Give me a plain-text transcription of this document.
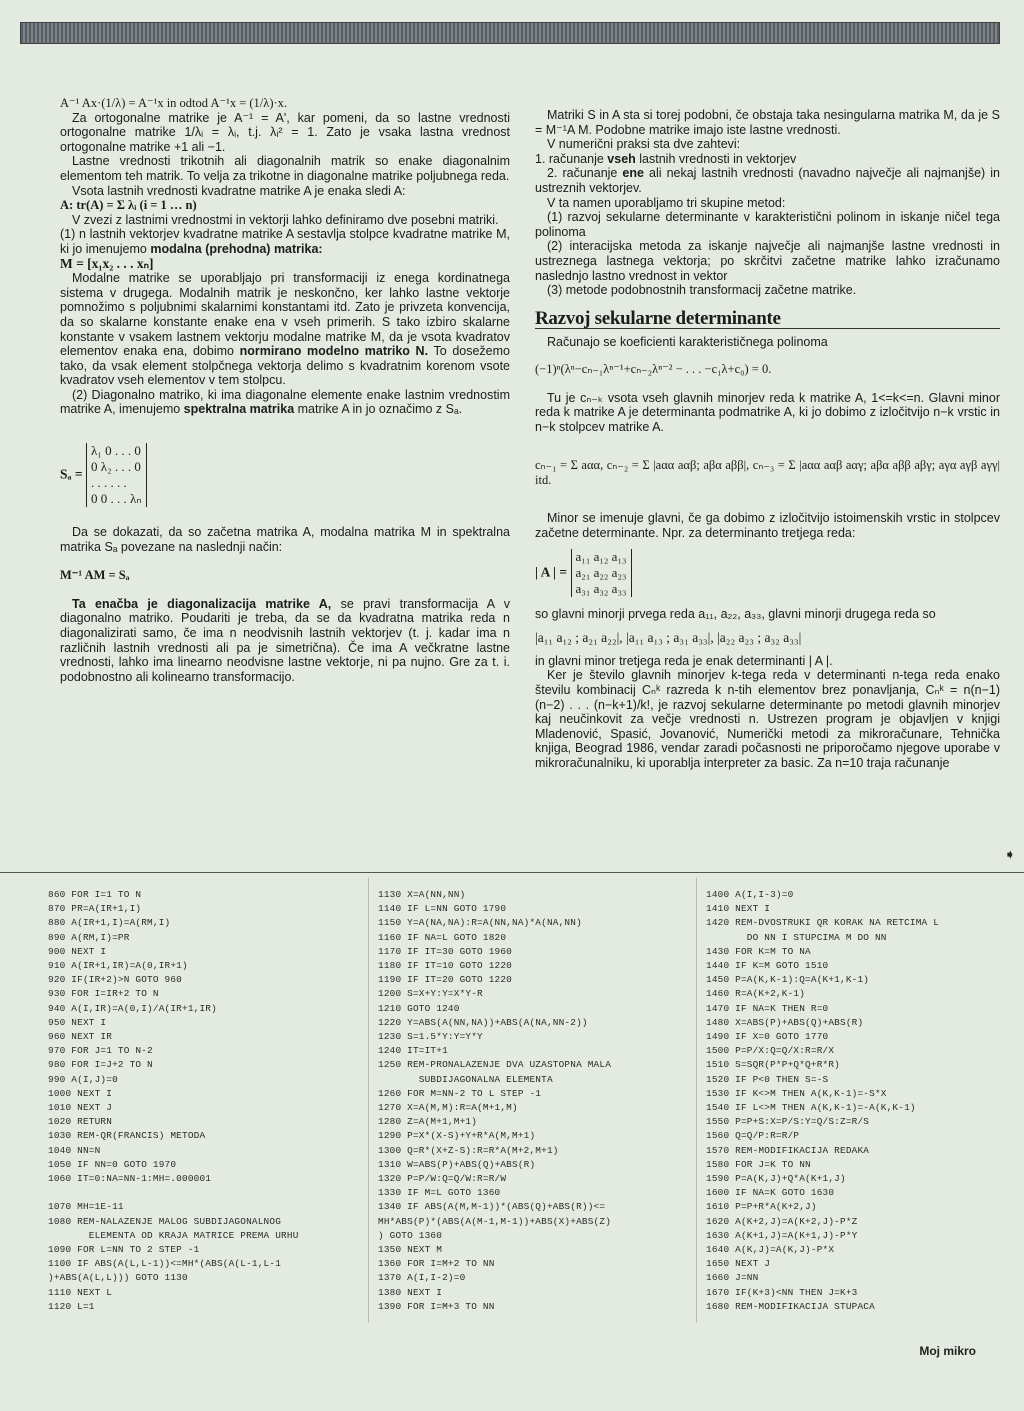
A⁻¹ Ax·(1/λ) = A⁻¹x in odtod A⁻¹x = (1/λ)·x.

Za ortogonalne matrike je A⁻¹ = A', kar pomeni, da so lastne vrednosti ortogonalne matrike 1/λᵢ = λᵢ, t.j. λᵢ² = 1. Zato je vsaka lastna vrednost ortogonalne matrike +1 ali −1.

Lastne vrednosti trikotnih ali diagonalnih matrik so enake diagonalnim elementom teh matrik. To velja za trikotne in diagonalne matrike poljubnega reda.

Vsota lastnih vrednosti kvadratne matrike A je enaka sledi A:

A: tr(A) = Σ λᵢ (i = 1 … n)

V zvezi z lastnimi vrednostmi in vektorji lahko definiramo dve posebni matriki.

(1) n lastnih vektorjev kvadratne matrike A sestavlja stolpce kvadratne matrike M, ki jo imenujemo modalna (prehodna) matrika:

M = [x₁x₂ . . . xₙ]

Modalne matrike se uporabljajo pri transformaciji iz enega kordinatnega sistema v drugega. Modalnih matrik je neskončno, ker lahko lastne vektorje pomnožimo s poljubnimi skalarnimi konstantami itd. Zato je privzeta konvencija, da so skalarne konstante enake ena v vseh primerih. S tako izbiro skalarne konstante v vsakem lastnem vektorju modalne matrike M, da je vsota kvadratov elementov enaka ena, dobimo normirano modelno matriko N. To dosežemo tako, da vsak element stolpčnega vektorja delimo s kvadratnim korenom vsote kvadratov vseh elementov v tem stolpcu.

(2) Diagonalno matriko, ki ima diagonalne elemente enake lastnim vrednostim matrike A, imenujemo spektralna matrika matrike A in jo označimo z Sₐ.

Sₐ =
λ₁ 0 . . . 0
0 λ₂ . . . 0
. . . . . .
0 0 . . . λₙ

Da se dokazati, da so začetna matrika A, modalna matrika M in spektralna matrika Sₐ povezane na naslednji način:

M⁻¹ AM = Sₐ

Ta enačba je diagonalizacija matrike A, se pravi transformacija A v diagonalno matriko. Poudariti je treba, da se da kvadratna matrika reda n diagonalizirati samo, če ima n neodvisnih lastnih vektorjev (t. j. kadar ima n različnih lastnih vrednosti ali pa je simetrična). Če ima A večkratne lastne vrednosti, lahko ima linearno neodvisne lastne vektorje, ni pa nujno. Gre za t. i. podobnostno ali kolinearno transformacijo.

Matriki S in A sta si torej podobni, če obstaja taka nesingularna matrika M, da je S = M⁻¹A M. Podobne matrike imajo iste lastne vrednosti.

V numerični praksi sta dve zahtevi:

1. računanje vseh lastnih vrednosti in vektorjev

2. računanje ene ali nekaj lastnih vrednosti (navadno največje ali najmanjše) in ustreznih vektorjev.

V ta namen uporabljamo tri skupine metod:

(1) razvoj sekularne determinante v karakteristični polinom in iskanje ničel tega polinoma

(2) interacijska metoda za iskanje največje ali najmanjše lastne vrednosti in ustreznega lastnega vektorja; po skrčitvi začetne matrike lahko izračunamo naslednjo lastno vrednost in vektor

(3) metode podobnostnih transformacij začetne matrike.

Razvoj sekularne determinante

Računajo se koeficienti karakterističnega polinoma

(−1)ⁿ(λⁿ−cₙ₋₁λⁿ⁻¹+cₙ₋₂λⁿ⁻² − . . . −c₁λ+c₀) = 0.

Tu je cₙ₋ₖ vsota vseh glavnih minorjev reda k matrike A, 1<=k<=n. Glavni minor reda k matrike A je determinanta podmatrike A, ki jo dobimo z izločitvijo n−k vrstic in n−k stolpcev matrike A.

cₙ₋₁ = Σ aαα, cₙ₋₂ = Σ |aαα aαβ; aβα aββ|, cₙ₋₃ = Σ |aαα aαβ aαγ; aβα aββ aβγ; aγα aγβ aγγ| itd.

Minor se imenuje glavni, če ga dobimo z izločitvijo istoimenskih vrstic in stolpcev začetne determinante. Npr. za determinanto tretjega reda:

| A | =
a₁₁ a₁₂ a₁₃
a₂₁ a₂₂ a₂₃
a₃₁ a₃₂ a₃₃

so glavni minorji prvega reda a₁₁, a₂₂, a₃₃, glavni minorji drugega reda so

|a₁₁ a₁₂ ; a₂₁ a₂₂|, |a₁₁ a₁₃ ; a₃₁ a₃₃|, |a₂₂ a₂₃ ; a₃₂ a₃₃|

in glavni minor tretjega reda je enak determinanti | A |.

Ker je število glavnih minorjev k-tega reda v determinanti n-tega reda enako številu kombinacij Cₙᵏ razreda k n-tih elementov brez ponavljanja, Cₙᵏ = n(n−1) (n−2) . . . (n−k+1)/k!, je razvoj sekularne determinante po metodi glavnih minorjev kaj neučinkovit za večje vrednosti n. Ustrezen program je objavljen v knjigi Mladenović, Spasić, Jovanović, Numerički metodi za mikroračunare, Tehnička knjiga, Beograd 1986, vendar zaradi počasnosti ne priporočamo njegove uporabe v mikroračunalniku, ki uporablja interpreter za basic. Za n=10 traja računanje

➧
860 FOR I=1 TO N
870 PR=A(IR+1,I)
880 A(IR+1,I)=A(RM,I)
890 A(RM,I)=PR
900 NEXT I
910 A(IR+1,IR)=A(0,IR+1)
920 IF(IR+2)>N GOTO 960
930 FOR I=IR+2 TO N
940 A(I,IR)=A(0,I)/A(IR+1,IR)
950 NEXT I
960 NEXT IR
970 FOR J=1 TO N-2
980 FOR I=J+2 TO N
990 A(I,J)=0
1000 NEXT I
1010 NEXT J
1020 RETURN
1030 REM-QR(FRANCIS) METODA
1040 NN=N
1050 IF NN=0 GOTO 1970
1060 IT=0:NA=NN-1:MH=.000001

1070 MH=1E-11
1080 REM-NALAZENJE MALOG SUBDIJAGONALNOG
ELEMENTA OD KRAJA MATRICE PREMA URHU
1090 FOR L=NN TO 2 STEP -1
1100 IF ABS(A(L,L-1))<=MH*(ABS(A(L-1,L-1
)+ABS(A(L,L))) GOTO 1130
1110 NEXT L
1120 L=1
1130 X=A(NN,NN)
1140 IF L=NN GOTO 1790
1150 Y=A(NA,NA):R=A(NN,NA)*A(NA,NN)
1160 IF NA=L GOTO 1820
1170 IF IT=30 GOTO 1960
1180 IF IT=10 GOTO 1220
1190 IF IT=20 GOTO 1220
1200 S=X+Y:Y=X*Y-R
1210 GOTO 1240
1220 Y=ABS(A(NN,NA))+ABS(A(NA,NN-2))
1230 S=1.5*Y:Y=Y*Y
1240 IT=IT+1
1250 REM-PRONALAZENJE DVA UZASTOPNA MALA
SUBDIJAGONALNA ELEMENTA
1260 FOR M=NN-2 TO L STEP -1
1270 X=A(M,M):R=A(M+1,M)
1280 Z=A(M+1,M+1)
1290 P=X*(X-S)+Y+R*A(M,M+1)
1300 Q=R*(X+Z-S):R=R*A(M+2,M+1)
1310 W=ABS(P)+ABS(Q)+ABS(R)
1320 P=P/W:Q=Q/W:R=R/W
1330 IF M=L GOTO 1360
1340 IF ABS(A(M,M-1))*(ABS(Q)+ABS(R))<=
MH*ABS(P)*(ABS(A(M-1,M-1))+ABS(X)+ABS(Z)
) GOTO 1360
1350 NEXT M
1360 FOR I=M+2 TO NN
1370 A(I,I-2)=0
1380 NEXT I
1390 FOR I=M+3 TO NN
1400 A(I,I-3)=0
1410 NEXT I
1420 REM-DVOSTRUKI QR KORAK NA RETCIMA L
DO NN I STUPCIMA M DO NN
1430 FOR K=M TO NA
1440 IF K=M GOTO 1510
1450 P=A(K,K-1):Q=A(K+1,K-1)
1460 R=A(K+2,K-1)
1470 IF NA=K THEN R=0
1480 X=ABS(P)+ABS(Q)+ABS(R)
1490 IF X=0 GOTO 1770
1500 P=P/X:Q=Q/X:R=R/X
1510 S=SQR(P*P+Q*Q+R*R)
1520 IF P<0 THEN S=-S
1530 IF K<>M THEN A(K,K-1)=-S*X
1540 IF L<>M THEN A(K,K-1)=-A(K,K-1)
1550 P=P+S:X=P/S:Y=Q/S:Z=R/S
1560 Q=Q/P:R=R/P
1570 REM-MODIFIKACIJA REDAKA
1580 FOR J=K TO NN
1590 P=A(K,J)+Q*A(K+1,J)
1600 IF NA=K GOTO 1630
1610 P=P+R*A(K+2,J)
1620 A(K+2,J)=A(K+2,J)-P*Z
1630 A(K+1,J)=A(K+1,J)-P*Y
1640 A(K,J)=A(K,J)-P*X
1650 NEXT J
1660 J=NN
1670 IF(K+3)<NN THEN J=K+3
1680 REM-MODIFIKACIJA STUPACA
Moj mikro
